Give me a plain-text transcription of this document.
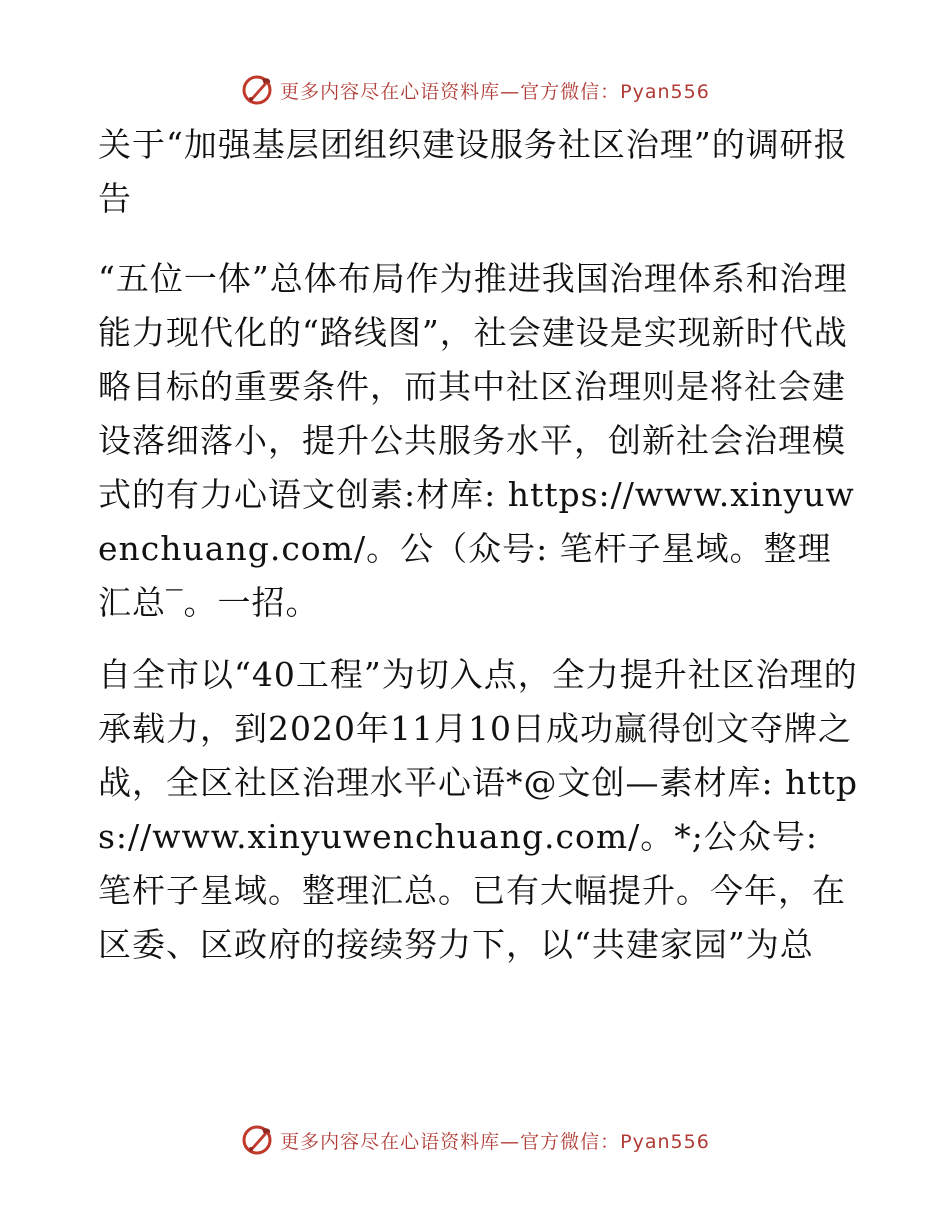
更多内容尽在心语资料库—官方微信：Pyan556

关于“加强基层团组织建设服务社区治理”的调研报告

“五位一体”总体布局作为推进我国治理体系和治理能力现代化的“路线图”，社会建设是实现新时代战略目标的重要条件，而其中社区治理则是将社会建设落细落小，提升公共服务水平，创新社会治理模式的有力心语文创素:材库: https://www.xinyuwenchuang.com/。公（众号: 笔杆子星域。整理汇总‾。一招。

自全市以“40工程”为切入点，全力提升社区治理的承载力，到2020年11月10日成功赢得创文夺牌之战，全区社区治理水平心语*@文创—素材库: https://www.xinyuwenchuang.com/。*;公众号: 笔杆子星域。整理汇总。已有大幅提升。今年，在区委、区政府的接续努力下，以“共建家园”为总

更多内容尽在心语资料库—官方微信：Pyan556
